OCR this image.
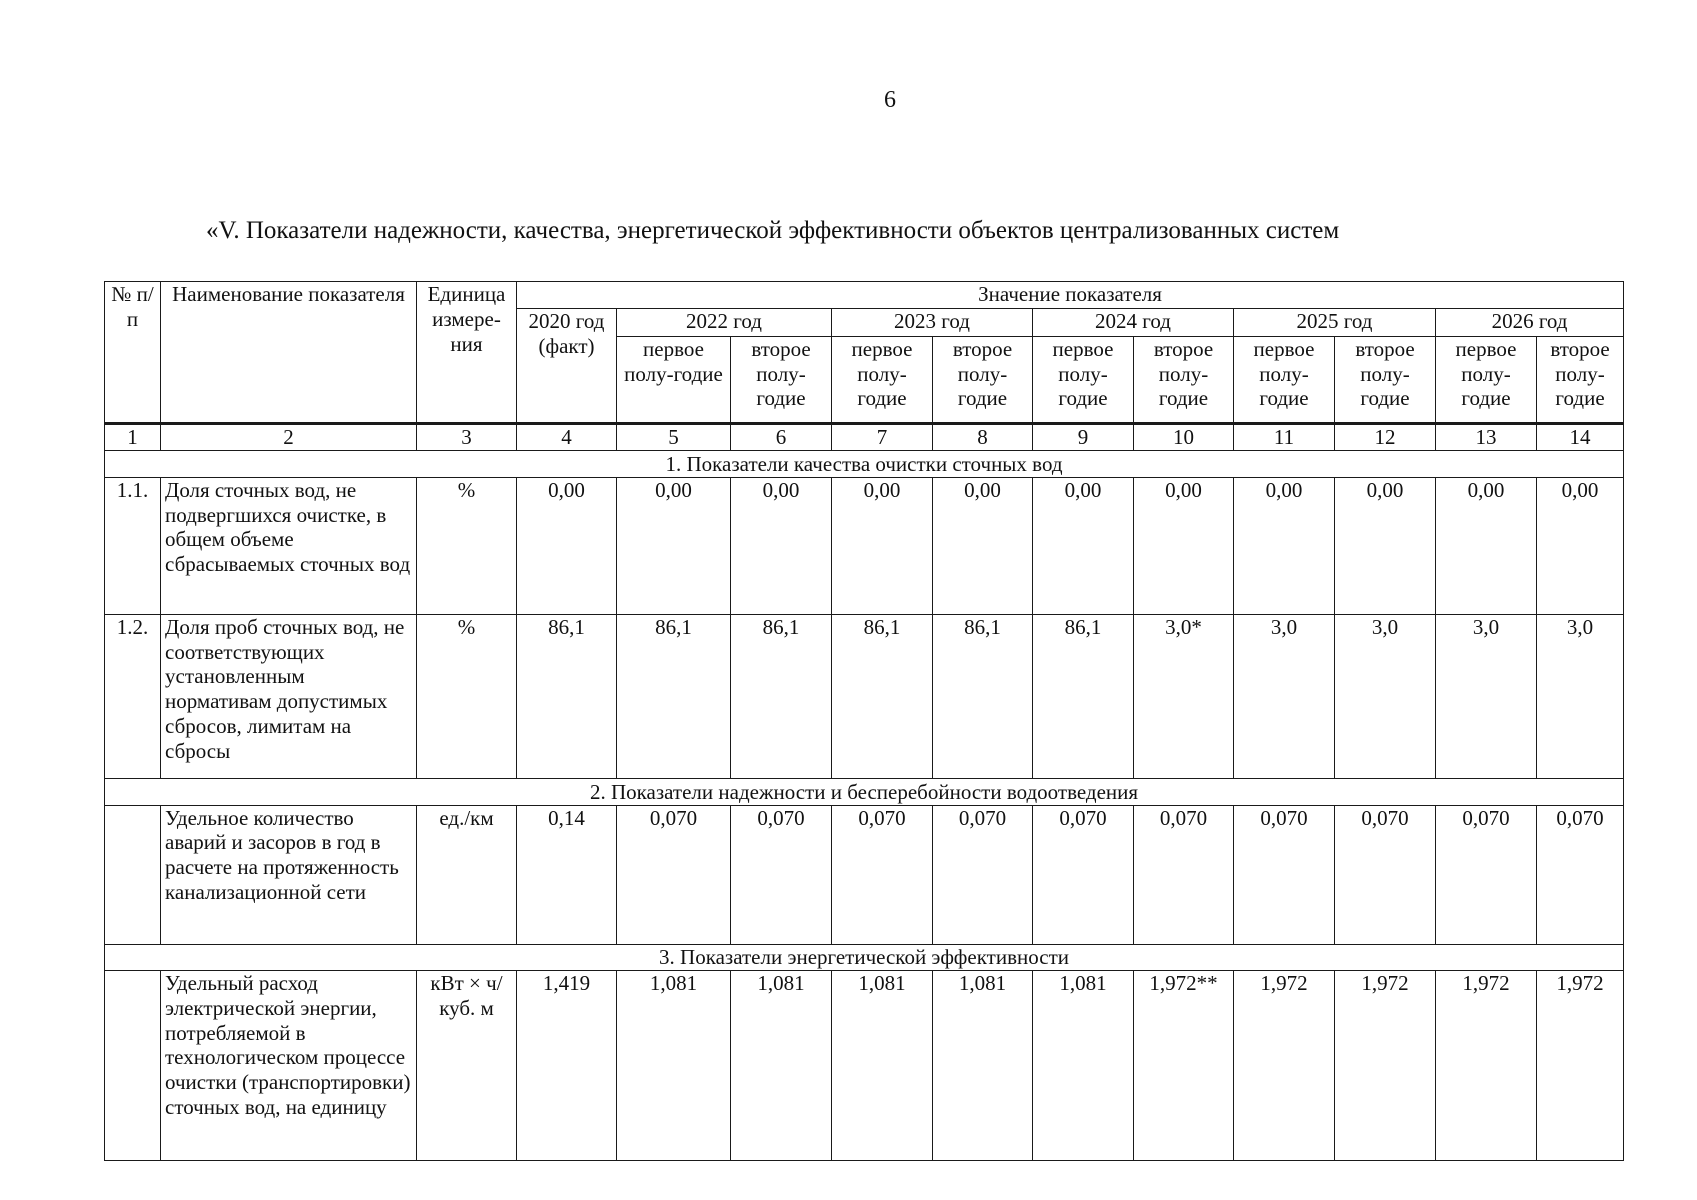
6
«V. Показатели надежности, качества, энергетической эффективности объектов централизованных систем
№ п/п	Наименование показателя	Единица измере-ния	Значение показателя										
			2020 год (факт)	2022 год		2023 год		2024 год		2025 год		2026 год	
				первое полу-годие	второе полу-годие	первое полу-годие	второе полу-годие	первое полу-годие	второе полу-годие	первое полу-годие	второе полу-годие	первое полу-годие	второе полу-годие
1	2	3	4	5	6	7	8	9	10	11	12	13	14
1. Показатели качества очистки сточных вод													
1.1.	Доля сточных вод, не подвергшихся очистке, в общем объеме сбрасываемых сточных вод	%	0,00	0,00	0,00	0,00	0,00	0,00	0,00	0,00	0,00	0,00	0,00
1.2.	Доля проб сточных вод, не соответствующих установленным нормативам допустимых сбросов, лимитам на сбросы	%	86,1	86,1	86,1	86,1	86,1	86,1	3,0*	3,0	3,0	3,0	3,0
2. Показатели надежности и бесперебойности водоотведения													
	Удельное количество аварий и засоров в год в расчете на протяженность канализационной сети	ед./км	0,14	0,070	0,070	0,070	0,070	0,070	0,070	0,070	0,070	0,070	0,070
3. Показатели энергетической эффективности													
	Удельный расход электрической энергии, потребляемой в технологическом процессе очистки (транспортировки) сточных вод, на единицу	кВт × ч/ куб. м	1,419	1,081	1,081	1,081	1,081	1,081	1,972**	1,972	1,972	1,972	1,972
